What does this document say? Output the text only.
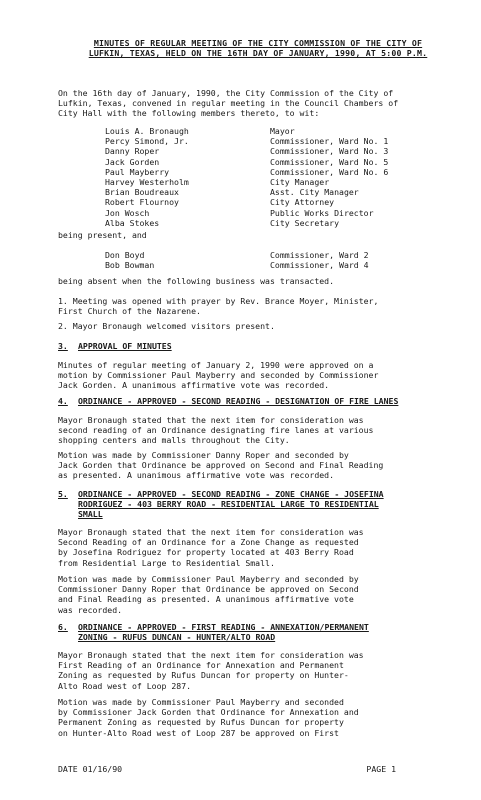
MINUTES OF REGULAR MEETING OF THE CITY COMMISSION OF THE CITY OF
LUFKIN, TEXAS, HELD ON THE 16TH DAY OF JANUARY, 1990, AT 5:00 P.M.
On the 16th day of January, 1990, the City Commission of the City of
Lufkin, Texas, convened in regular meeting in the Council Chambers of
City Hall with the following members thereto, to wit:
Louis A. Bronaugh	Mayor
Percy Simond, Jr.	Commissioner, Ward No. 1
Danny Roper	Commissioner, Ward No. 3
Jack Gorden	Commissioner, Ward No. 5
Paul Mayberry	Commissioner, Ward No. 6
Harvey Westerholm	City Manager
Brian Boudreaux	Asst. City Manager
Robert Flournoy	City Attorney
Jon Wosch	Public Works Director
Alba Stokes	City Secretary
being present, and
Don Boyd	Commissioner, Ward 2
Bob Bowman	Commissioner, Ward 4
being absent when the following business was transacted.
1. Meeting was opened with prayer by Rev. Brance Moyer, Minister,
First Church of the Nazarene.
2. Mayor Bronaugh welcomed visitors present.
3. APPROVAL OF MINUTES
Minutes of regular meeting of January 2, 1990 were approved on a
motion by Commissioner Paul Mayberry and seconded by Commissioner
Jack Gorden. A unanimous affirmative vote was recorded.
4. ORDINANCE - APPROVED - SECOND READING - DESIGNATION OF FIRE LANES
Mayor Bronaugh stated that the next item for consideration was
second reading of an Ordinance designating fire lanes at various
shopping centers and malls throughout the City.
Motion was made by Commissioner Danny Roper and seconded by
Jack Gorden that Ordinance be approved on Second and Final Reading
as presented. A unanimous affirmative vote was recorded.
5. ORDINANCE - APPROVED - SECOND READING - ZONE CHANGE - JOSEFINA
RODRIGUEZ - 403 BERRY ROAD - RESIDENTIAL LARGE TO RESIDENTIAL
SMALL
Mayor Bronaugh stated that the next item for consideration was
Second Reading of an Ordinance for a Zone Change as requested
by Josefina Rodriguez for property located at 403 Berry Road
from Residential Large to Residential Small.
Motion was made by Commissioner Paul Mayberry and seconded by
Commissioner Danny Roper that Ordinance be approved on Second
and Final Reading as presented. A unanimous affirmative vote
was recorded.
6. ORDINANCE - APPROVED - FIRST READING - ANNEXATION/PERMANENT
ZONING - RUFUS DUNCAN - HUNTER/ALTO ROAD
Mayor Bronaugh stated that the next item for consideration was
First Reading of an Ordinance for Annexation and Permanent
Zoning as requested by Rufus Duncan for property on Hunter-
Alto Road west of Loop 287.
Motion was made by Commissioner Paul Mayberry and seconded
by Commissioner Jack Gorden that Ordinance for Annexation and
Permanent Zoning as requested by Rufus Duncan for property
on Hunter-Alto Road west of Loop 287 be approved on First
DATE 01/16/90	PAGE 1
